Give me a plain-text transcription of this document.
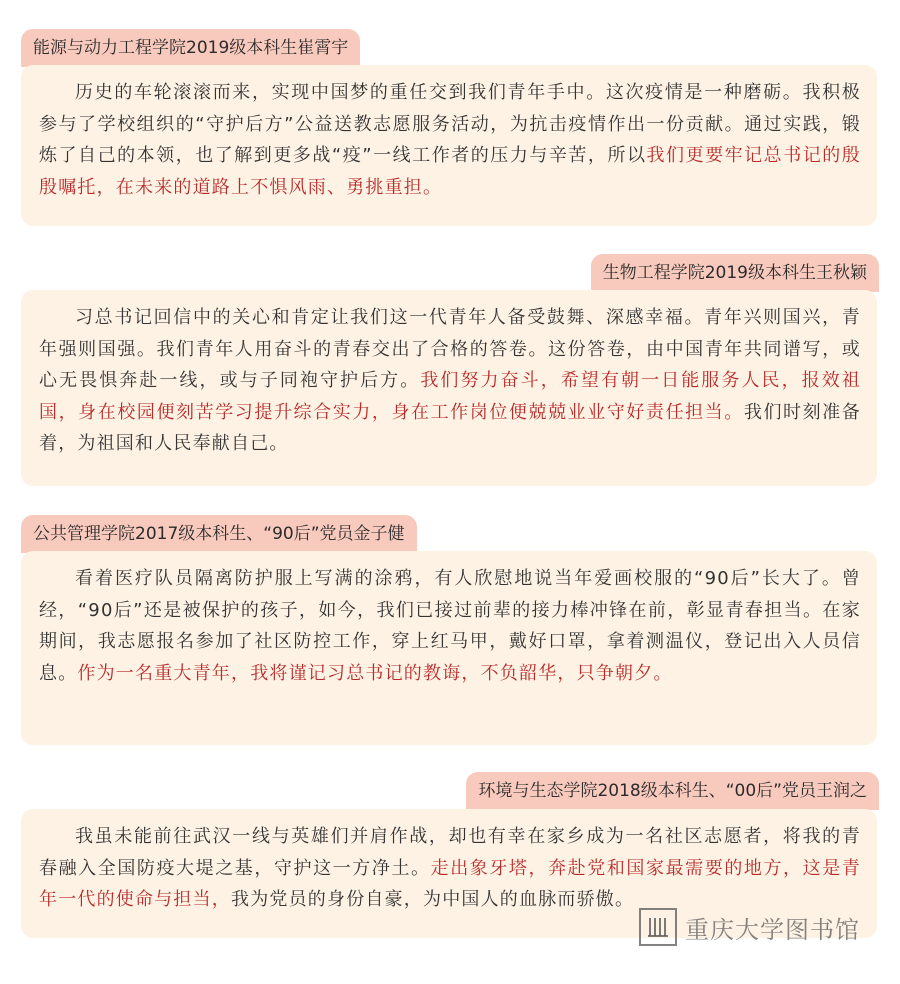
能源与动力工程学院2019级本科生崔霄宇

历史的车轮滚滚而来，实现中国梦的重任交到我们青年手中。这次疫情是一种磨砺。我积极参与了学校组织的“守护后方”公益送教志愿服务活动，为抗击疫情作出一份贡献。通过实践，锻炼了自己的本领，也了解到更多战“疫”一线工作者的压力与辛苦，所以我们更要牢记总书记的殷殷嘱托，在未来的道路上不惧风雨、勇挑重担。

生物工程学院2019级本科生王秋颖

习总书记回信中的关心和肯定让我们这一代青年人备受鼓舞、深感幸福。青年兴则国兴，青年强则国强。我们青年人用奋斗的青春交出了合格的答卷。这份答卷，由中国青年共同谱写，或心无畏惧奔赴一线，或与子同袍守护后方。我们努力奋斗，希望有朝一日能服务人民，报效祖国，身在校园便刻苦学习提升综合实力，身在工作岗位便兢兢业业守好责任担当。我们时刻准备着，为祖国和人民奉献自己。

公共管理学院2017级本科生、“90后”党员金子健

看着医疗队员隔离防护服上写满的涂鸦，有人欣慰地说当年爱画校服的“90后”长大了。曾经，“90后”还是被保护的孩子，如今，我们已接过前辈的接力棒冲锋在前，彰显青春担当。在家期间，我志愿报名参加了社区防控工作，穿上红马甲，戴好口罩，拿着测温仪，登记出入人员信息。作为一名重大青年，我将谨记习总书记的教诲，不负韶华，只争朝夕。

环境与生态学院2018级本科生、“00后”党员王润之

我虽未能前往武汉一线与英雄们并肩作战，却也有幸在家乡成为一名社区志愿者，将我的青春融入全国防疫大堤之基，守护这一方净土。走出象牙塔，奔赴党和国家最需要的地方，这是青年一代的使命与担当，我为党员的身份自豪，为中国人的血脉而骄傲。

重庆大学图书馆
